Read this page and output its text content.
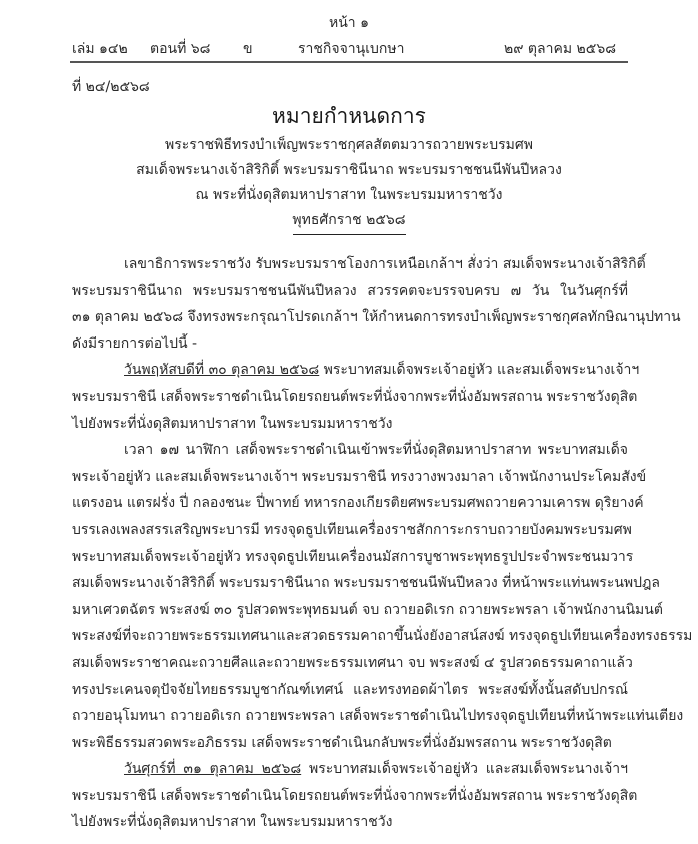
หน้า ๑
เล่ม ๑๔๒ ตอนที่ ๖๘ ข	ราชกิจจานุเบกษา	๒๙ ตุลาคม ๒๕๖๘
ที่ ๒๔/๒๕๖๘
หมายกำหนดการ
พระราชพิธีทรงบำเพ็ญพระราชกุศลสัตตมวารถวายพระบรมศพ
สมเด็จพระนางเจ้าสิริกิติ์ พระบรมราชินีนาถ พระบรมราชชนนีพันปีหลวง
ณ พระที่นั่งดุสิตมหาปราสาท ในพระบรมมหาราชวัง
พุทธศักราช ๒๕๖๘
เลขาธิการพระราชวัง รับพระบรมราชโองการเหนือเกล้าฯ สั่งว่า สมเด็จพระนางเจ้าสิริกิติ์
พระบรมราชินีนาถ พระบรมราชชนนีพันปีหลวง สวรรคตจะบรรจบครบ ๗ วัน ในวันศุกร์ที่
๓๑ ตุลาคม ๒๕๖๘ จึงทรงพระกรุณาโปรดเกล้าฯ ให้กำหนดการทรงบำเพ็ญพระราชกุศลทักษิณานุปทาน
ดังมีรายการต่อไปนี้ -
วันพฤหัสบดีที่ ๓๐ ตุลาคม ๒๕๖๘ พระบาทสมเด็จพระเจ้าอยู่หัว และสมเด็จพระนางเจ้าฯ
พระบรมราชินี เสด็จพระราชดำเนินโดยรถยนต์พระที่นั่งจากพระที่นั่งอัมพรสถาน พระราชวังดุสิต
ไปยังพระที่นั่งดุสิตมหาปราสาท ในพระบรมมหาราชวัง
เวลา ๑๗ นาฬิกา เสด็จพระราชดำเนินเข้าพระที่นั่งดุสิตมหาปราสาท พระบาทสมเด็จ
พระเจ้าอยู่หัว และสมเด็จพระนางเจ้าฯ พระบรมราชินี ทรงวางพวงมาลา เจ้าพนักงานประโคมสังข์
แตรงอน แตรฝรั่ง ปี่ กลองชนะ ปี่พาทย์ ทหารกองเกียรติยศพระบรมศพถวายความเคารพ ดุริยางค์
บรรเลงเพลงสรรเสริญพระบารมี ทรงจุดธูปเทียนเครื่องราชสักการะกราบถวายบังคมพระบรมศพ
พระบาทสมเด็จพระเจ้าอยู่หัว ทรงจุดธูปเทียนเครื่องนมัสการบูชาพระพุทธรูปประจำพระชนมวาร
สมเด็จพระนางเจ้าสิริกิติ์ พระบรมราชินีนาถ พระบรมราชชนนีพันปีหลวง ที่หน้าพระแท่นพระนพปฎล
มหาเศวตฉัตร พระสงฆ์ ๓๐ รูปสวดพระพุทธมนต์ จบ ถวายอดิเรก ถวายพระพรลา เจ้าพนักงานนิมนต์
พระสงฆ์ที่จะถวายพระธรรมเทศนาและสวดธรรมคาถาขึ้นนั่งยังอาสน์สงฆ์ ทรงจุดธูปเทียนเครื่องทรงธรรม
สมเด็จพระราชาคณะถวายศีลและถวายพระธรรมเทศนา จบ พระสงฆ์ ๔ รูปสวดธรรมคาถาแล้ว
ทรงประเคนจตุปัจจัยไทยธรรมบูชากัณฑ์เทศน์ และทรงทอดผ้าไตร พระสงฆ์ทั้งนั้นสดับปกรณ์
ถวายอนุโมทนา ถวายอดิเรก ถวายพระพรลา เสด็จพระราชดำเนินไปทรงจุดธูปเทียนที่หน้าพระแท่นเตียง
พระพิธีธรรมสวดพระอภิธรรม เสด็จพระราชดำเนินกลับพระที่นั่งอัมพรสถาน พระราชวังดุสิต
วันศุกร์ที่ ๓๑ ตุลาคม ๒๕๖๘ พระบาทสมเด็จพระเจ้าอยู่หัว และสมเด็จพระนางเจ้าฯ
พระบรมราชินี เสด็จพระราชดำเนินโดยรถยนต์พระที่นั่งจากพระที่นั่งอัมพรสถาน พระราชวังดุสิต
ไปยังพระที่นั่งดุสิตมหาปราสาท ในพระบรมมหาราชวัง
